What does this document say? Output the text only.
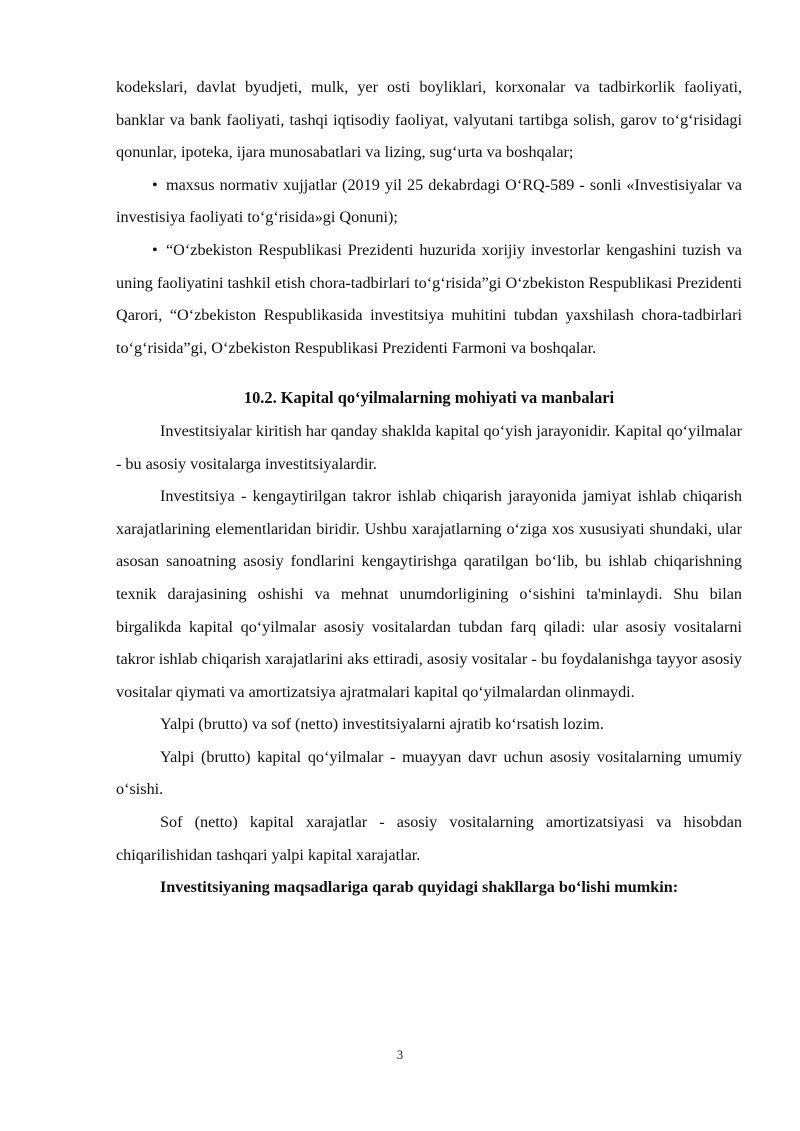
kodekslari, davlat byudjeti, mulk, yer osti boyliklari, korxonalar va tadbirkorlik faoliyati, banklar va bank faoliyati, tashqi iqtisodiy faoliyat, valyutani tartibga solish, garov to‘g‘risidagi qonunlar, ipoteka, ijara munosabatlari va lizing, sug‘urta va boshqalar;

• maxsus normativ xujjatlar (2019 yil 25 dekabrdagi O‘RQ-589 - sonli «Investisiyalar va investisiya faoliyati to‘g‘risida»gi Qonuni);

• “O‘zbekiston Respublikasi Prezidenti huzurida xorijiy investorlar kengashini tuzish va uning faoliyatini tashkil etish chora-tadbirlari to‘g‘risida”gi O‘zbekiston Respublikasi Prezidenti Qarori, “O‘zbekiston Respublikasida investitsiya muhitini tubdan yaxshilash chora-tadbirlari to‘g‘risida”gi, O‘zbekiston Respublikasi Prezidenti Farmoni va boshqalar.

10.2. Kapital qo‘yilmalarning mohiyati va manbalari

Investitsiyalar kiritish har qanday shaklda kapital qo‘yish jarayonidir. Kapital qo‘yilmalar - bu asosiy vositalarga investitsiyalardir.

Investitsiya - kengaytirilgan takror ishlab chiqarish jarayonida jamiyat ishlab chiqarish xarajatlarining elementlaridan biridir. Ushbu xarajatlarning o‘ziga xos xususiyati shundaki, ular asosan sanoatning asosiy fondlarini kengaytirishga qaratilgan bo‘lib, bu ishlab chiqarishning texnik darajasining oshishi va mehnat unumdorligining o‘sishini ta'minlaydi. Shu bilan birgalikda kapital qo‘yilmalar asosiy vositalardan tubdan farq qiladi: ular asosiy vositalarni takror ishlab chiqarish xarajatlarini aks ettiradi, asosiy vositalar - bu foydalanishga tayyor asosiy vositalar qiymati va amortizatsiya ajratmalari kapital qo‘yilmalardan olinmaydi.

Yalpi (brutto) va sof (netto) investitsiyalarni ajratib ko‘rsatish lozim.

Yalpi (brutto) kapital qo‘yilmalar - muayyan davr uchun asosiy vositalarning umumiy o‘sishi.

Sof (netto) kapital xarajatlar - asosiy vositalarning amortizatsiyasi va hisobdan chiqarilishidan tashqari yalpi kapital xarajatlar.

Investitsiyaning maqsadlariga qarab quyidagi shakllarga bo‘lishi mumkin:

3
